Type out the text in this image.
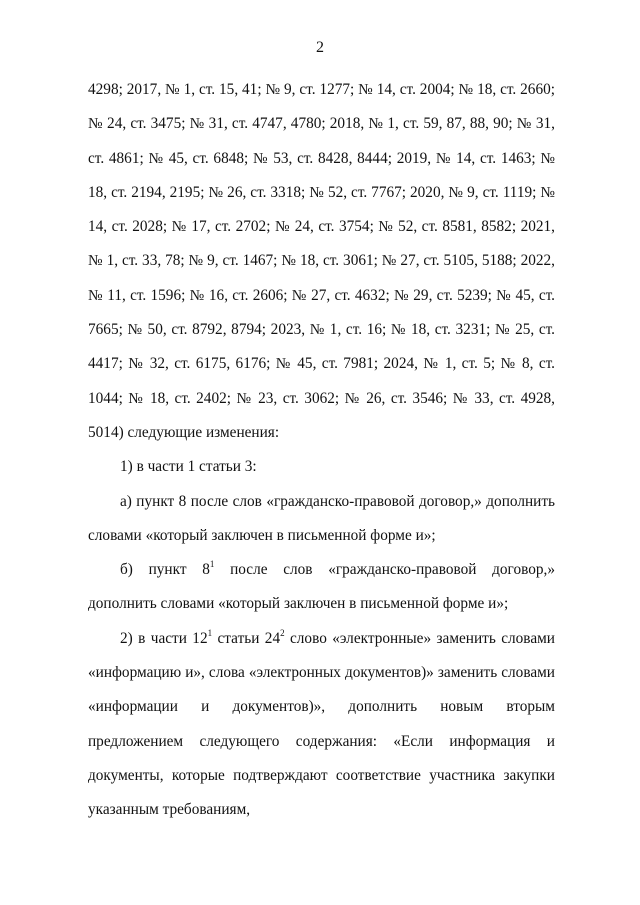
2

4298; 2017, № 1, ст. 15, 41; № 9, ст. 1277; № 14, ст. 2004; № 18, ст. 2660; № 24, ст. 3475; № 31, ст. 4747, 4780; 2018, № 1, ст. 59, 87, 88, 90; № 31, ст. 4861; № 45, ст. 6848; № 53, ст. 8428, 8444; 2019, № 14, ст. 1463; № 18, ст. 2194, 2195; № 26, ст. 3318; № 52, ст. 7767; 2020, № 9, ст. 1119; № 14, ст. 2028; № 17, ст. 2702; № 24, ст. 3754; № 52, ст. 8581, 8582; 2021, № 1, ст. 33, 78; № 9, ст. 1467; № 18, ст. 3061; № 27, ст. 5105, 5188; 2022, № 11, ст. 1596; № 16, ст. 2606; № 27, ст. 4632; № 29, ст. 5239; № 45, ст. 7665; № 50, ст. 8792, 8794; 2023, № 1, ст. 16; № 18, ст. 3231; № 25, ст. 4417; № 32, ст. 6175, 6176; № 45, ст. 7981; 2024, № 1, ст. 5; № 8, ст. 1044; № 18, ст. 2402; № 23, ст. 3062; № 26, ст. 3546; № 33, ст. 4928, 5014) следующие изменения:

1) в части 1 статьи 3:

а) пункт 8 после слов «гражданско-правовой договор,» дополнить словами «который заключен в письменной форме и»;

б) пункт $8^1$ после слов «гражданско-правовой договор,» дополнить словами «который заключен в письменной форме и»;

2) в части $12^1$ статьи $24^2$ слово «электронные» заменить словами «информацию и», слова «электронных документов)» заменить словами «информации и документов)», дополнить новым вторым предложением следующего содержания: «Если информация и документы, которые подтверждают соответствие участника закупки указанным требованиям,
